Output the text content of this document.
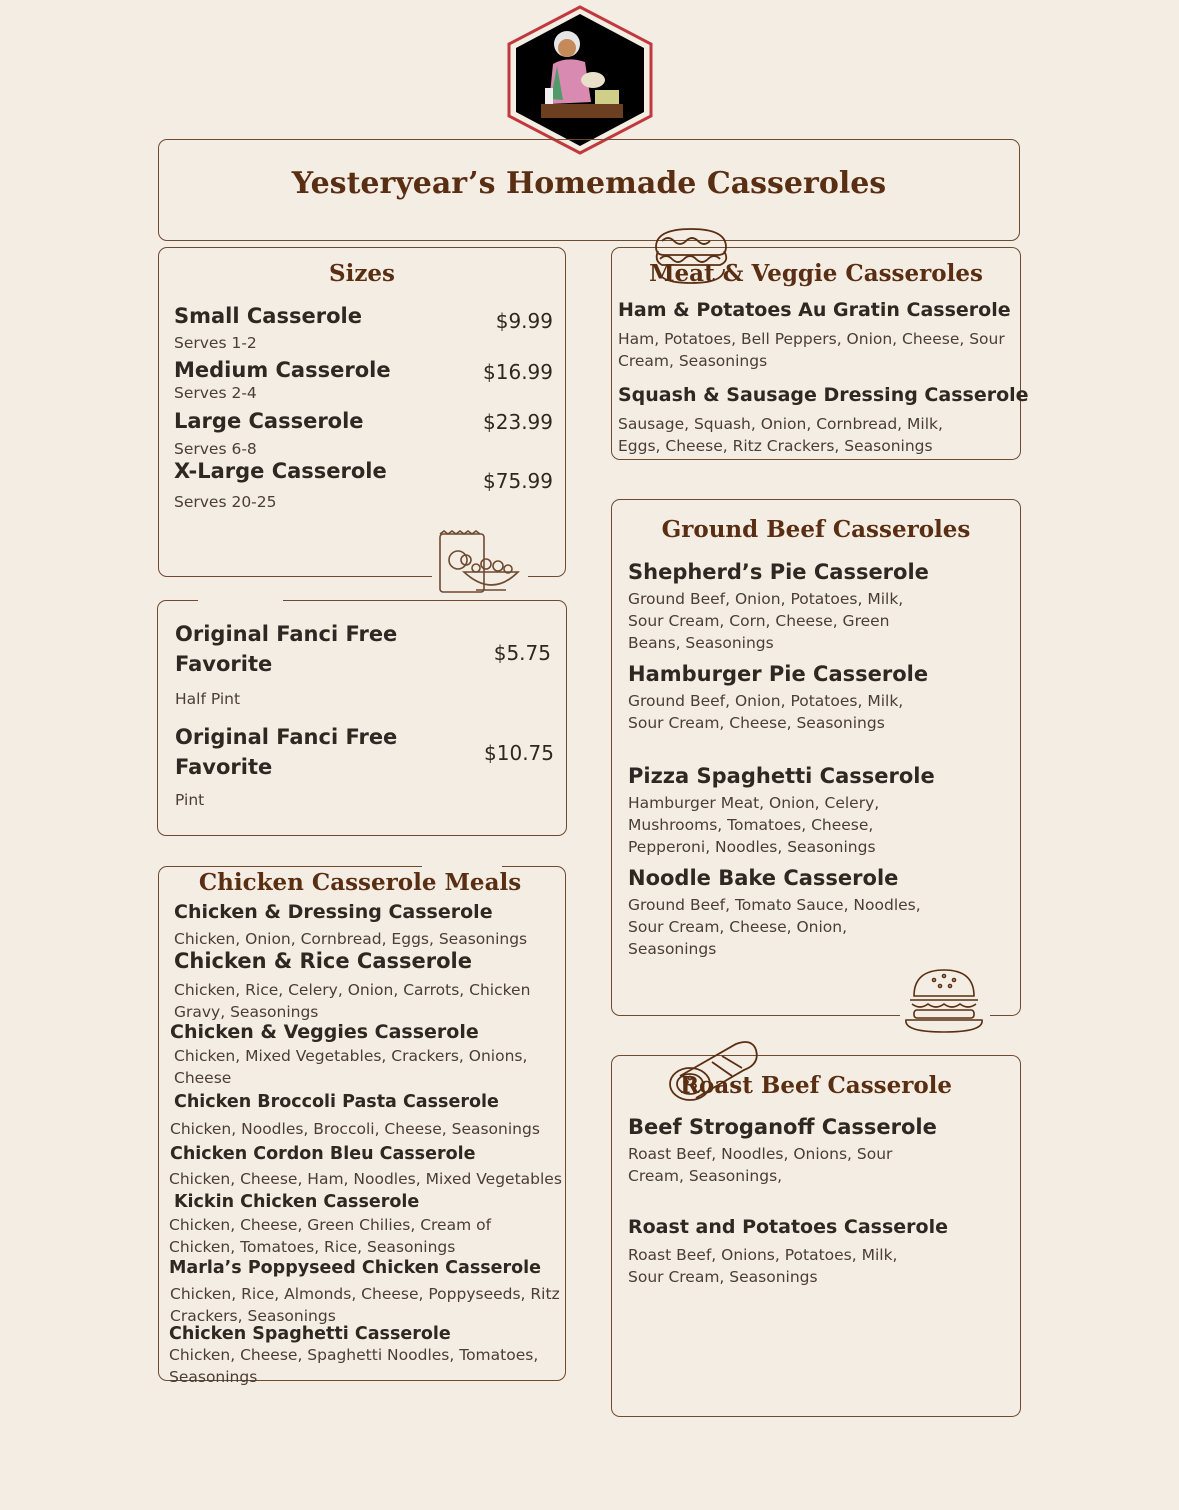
Yesteryear’s Homemade Casseroles
Sizes
Small Casserole
Serves 1-2
$9.99
Medium Casserole
Serves 2-4
$16.99
Large Casserole
Serves 6-8
$23.99
X-Large Casserole
Serves 20-25
$75.99
Original Fanci Free Favorite	$5.75
Half Pint
Original Fanci Free Favorite
$10.75
Pint
Chicken Casserole Meals
Chicken & Dressing Casserole
Chicken, Onion, Cornbread, Eggs, Seasonings
Chicken & Rice Casserole
Chicken, Rice, Celery, Onion, Carrots, Chicken Gravy, Seasonings
Chicken & Veggies Casserole
Chicken, Mixed Vegetables, Crackers, Onions, Cheese
Chicken Broccoli Pasta Casserole
Chicken, Noodles, Broccoli, Cheese, Seasonings
Chicken Cordon Bleu Casserole
Chicken, Cheese, Ham, Noodles, Mixed Vegetables
Kickin Chicken Casserole
Chicken, Cheese, Green Chilies, Cream of Chicken, Tomatoes, Rice, Seasonings
Marla’s Poppyseed Chicken Casserole
Chicken, Rice, Almonds, Cheese, Poppyseeds, Ritz Crackers, Seasonings
Chicken Spaghetti Casserole
Chicken, Cheese, Spaghetti Noodles, Tomatoes, Seasonings
Meat & Veggie Casseroles
Ham & Potatoes Au Gratin Casserole
Ham, Potatoes, Bell Peppers, Onion, Cheese, Sour Cream, Seasonings
Squash & Sausage Dressing Casserole
Sausage, Squash, Onion, Cornbread, Milk, Eggs, Cheese, Ritz Crackers, Seasonings
Ground Beef Casseroles
Shepherd’s Pie Casserole
Ground Beef, Onion, Potatoes, Milk, Sour Cream, Corn, Cheese, Green Beans, Seasonings
Hamburger Pie Casserole
Ground Beef, Onion, Potatoes, Milk, Sour Cream, Cheese, Seasonings
Pizza Spaghetti Casserole
Hamburger Meat, Onion, Celery, Mushrooms, Tomatoes, Cheese, Pepperoni, Noodles, Seasonings
Noodle Bake Casserole
Ground Beef, Tomato Sauce, Noodles, Sour Cream, Cheese, Onion, Seasonings
Roast Beef Casserole
Beef Stroganoff Casserole
Roast Beef, Noodles, Onions, Sour Cream, Seasonings,
Roast and Potatoes Casserole
Roast Beef, Onions, Potatoes, Milk, Sour Cream, Seasonings
